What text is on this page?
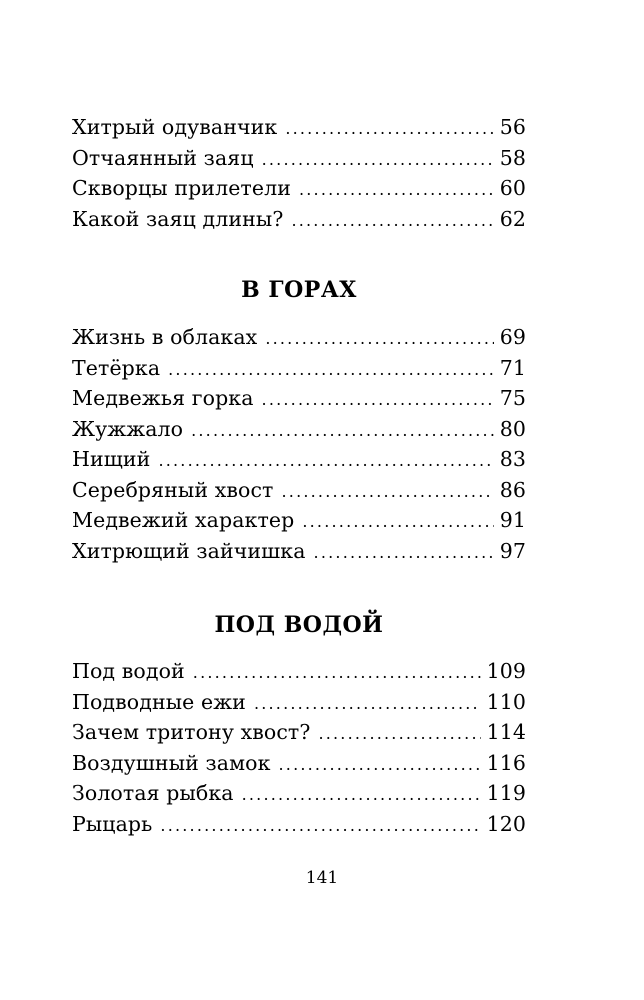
Хитрый одуванчик .....	56
Отчаянный заяц .....	58
Скворцы прилетели .....	60
Какой заяц длины? .....	62
В ГОРАХ
Жизнь в облаках .....	69
Тетёрка .....	71
Медвежья горка .....	75
Жужжало .....	80
Нищий .....	83
Серебряный хвост .....	86
Медвежий характер .....	91
Хитрющий зайчишка .....	97
ПОД ВОДОЙ
Под водой .....	109
Подводные ежи .....	110
Зачем тритону хвост? .....	114
Воздушный замок .....	116
Золотая рыбка .....	119
Рыцарь .....	120
141
